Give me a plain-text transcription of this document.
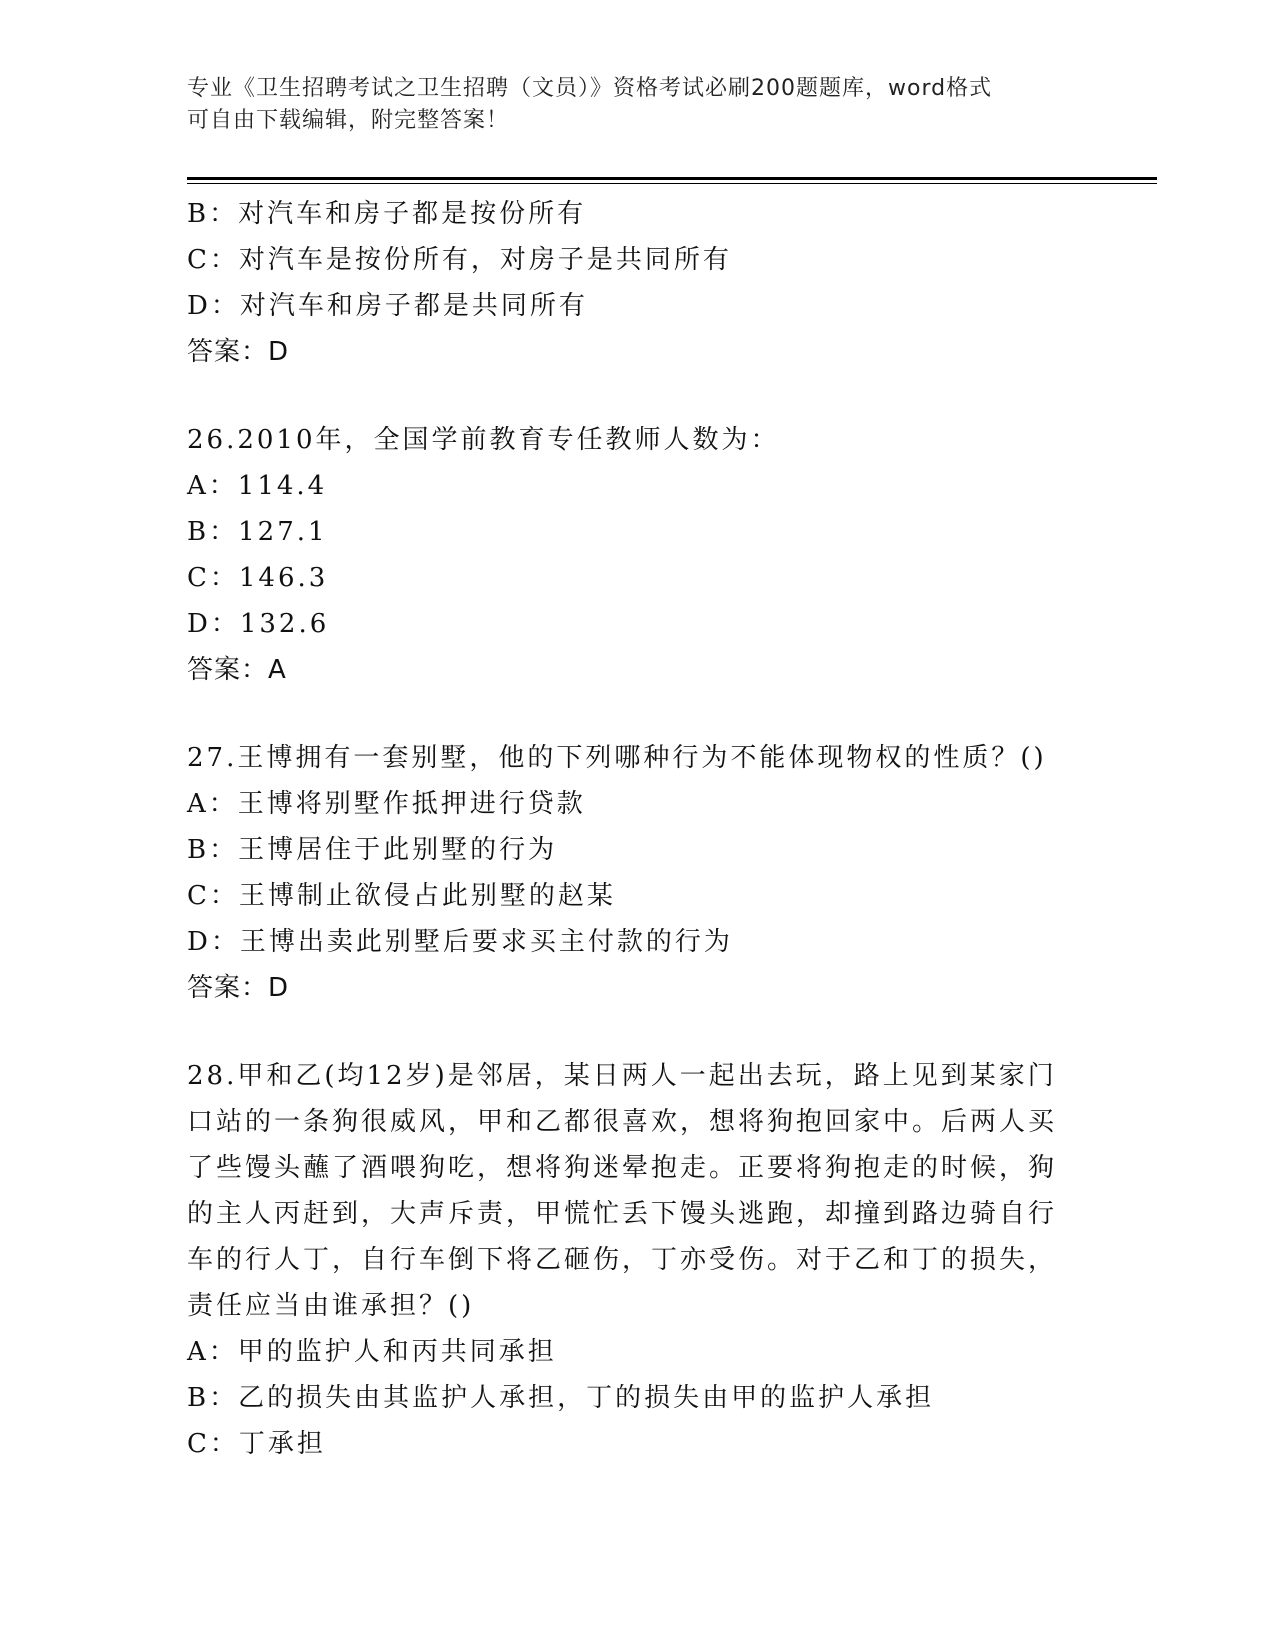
专业《卫生招聘考试之卫生招聘（文员）》资格考试必刷200题题库，word格式
可自由下载编辑，附完整答案！
B：对汽车和房子都是按份所有
C：对汽车是按份所有，对房子是共同所有
D：对汽车和房子都是共同所有
答案：D
26.2010年，全国学前教育专任教师人数为：
A：114.4
B：127.1
C：146.3
D：132.6
答案：A
27.王博拥有一套别墅，他的下列哪种行为不能体现物权的性质？()
A：王博将别墅作抵押进行贷款
B：王博居住于此别墅的行为
C：王博制止欲侵占此别墅的赵某
D：王博出卖此别墅后要求买主付款的行为
答案：D
28.甲和乙(均12岁)是邻居，某日两人一起出去玩，路上见到某家门
口站的一条狗很威风，甲和乙都很喜欢，想将狗抱回家中。后两人买
了些馒头蘸了酒喂狗吃，想将狗迷晕抱走。正要将狗抱走的时候，狗
的主人丙赶到，大声斥责，甲慌忙丢下馒头逃跑，却撞到路边骑自行
车的行人丁，自行车倒下将乙砸伤，丁亦受伤。对于乙和丁的损失，
责任应当由谁承担？()
A：甲的监护人和丙共同承担
B：乙的损失由其监护人承担，丁的损失由甲的监护人承担
C：丁承担
